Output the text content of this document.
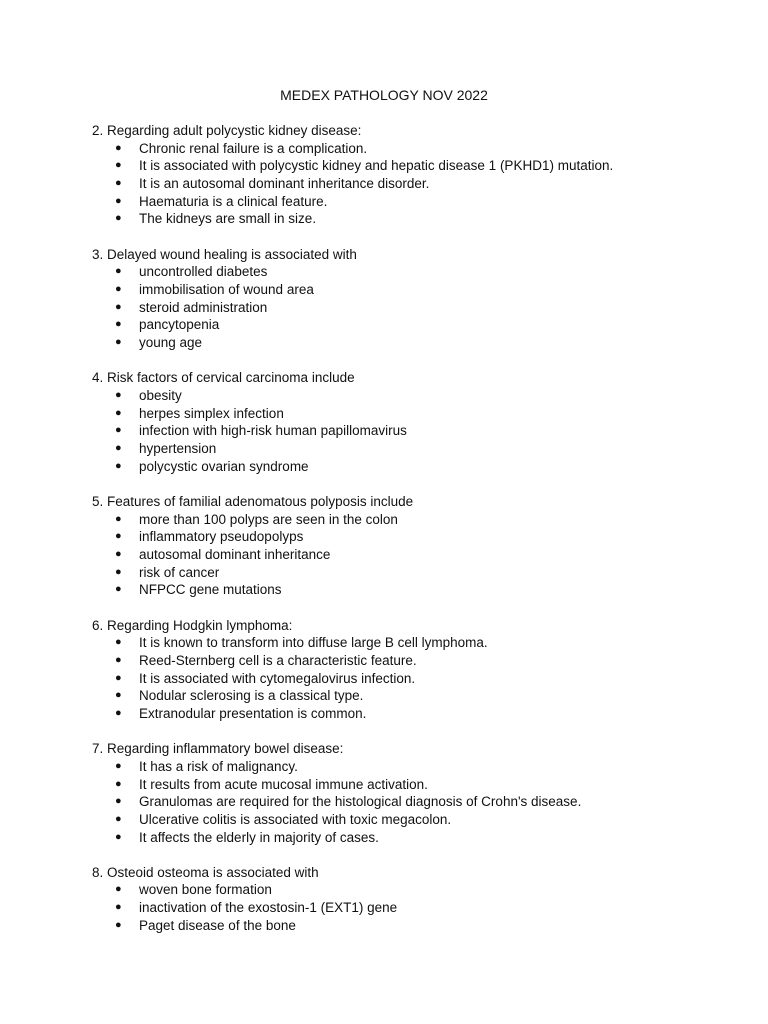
MEDEX PATHOLOGY NOV 2022
2. Regarding adult polycystic kidney disease:
● Chronic renal failure is a complication.
● It is associated with polycystic kidney and hepatic disease 1 (PKHD1) mutation.
● It is an autosomal dominant inheritance disorder.
● Haematuria is a clinical feature.
● The kidneys are small in size.
3. Delayed wound healing is associated with
● uncontrolled diabetes
● immobilisation of wound area
● steroid administration
● pancytopenia
● young age
4. Risk factors of cervical carcinoma include
● obesity
● herpes simplex infection
● infection with high-risk human papillomavirus
● hypertension
● polycystic ovarian syndrome
5. Features of familial adenomatous polyposis include
● more than 100 polyps are seen in the colon
● inflammatory pseudopolyps
● autosomal dominant inheritance
● risk of cancer
● NFPCC gene mutations
6. Regarding Hodgkin lymphoma:
● It is known to transform into diffuse large B cell lymphoma.
● Reed-Sternberg cell is a characteristic feature.
● It is associated with cytomegalovirus infection.
● Nodular sclerosing is a classical type.
● Extranodular presentation is common.
7. Regarding inflammatory bowel disease:
● It has a risk of malignancy.
● It results from acute mucosal immune activation.
● Granulomas are required for the histological diagnosis of Crohn's disease.
● Ulcerative colitis is associated with toxic megacolon.
● It affects the elderly in majority of cases.
8. Osteoid osteoma is associated with
● woven bone formation
● inactivation of the exostosin-1 (EXT1) gene
● Paget disease of the bone
